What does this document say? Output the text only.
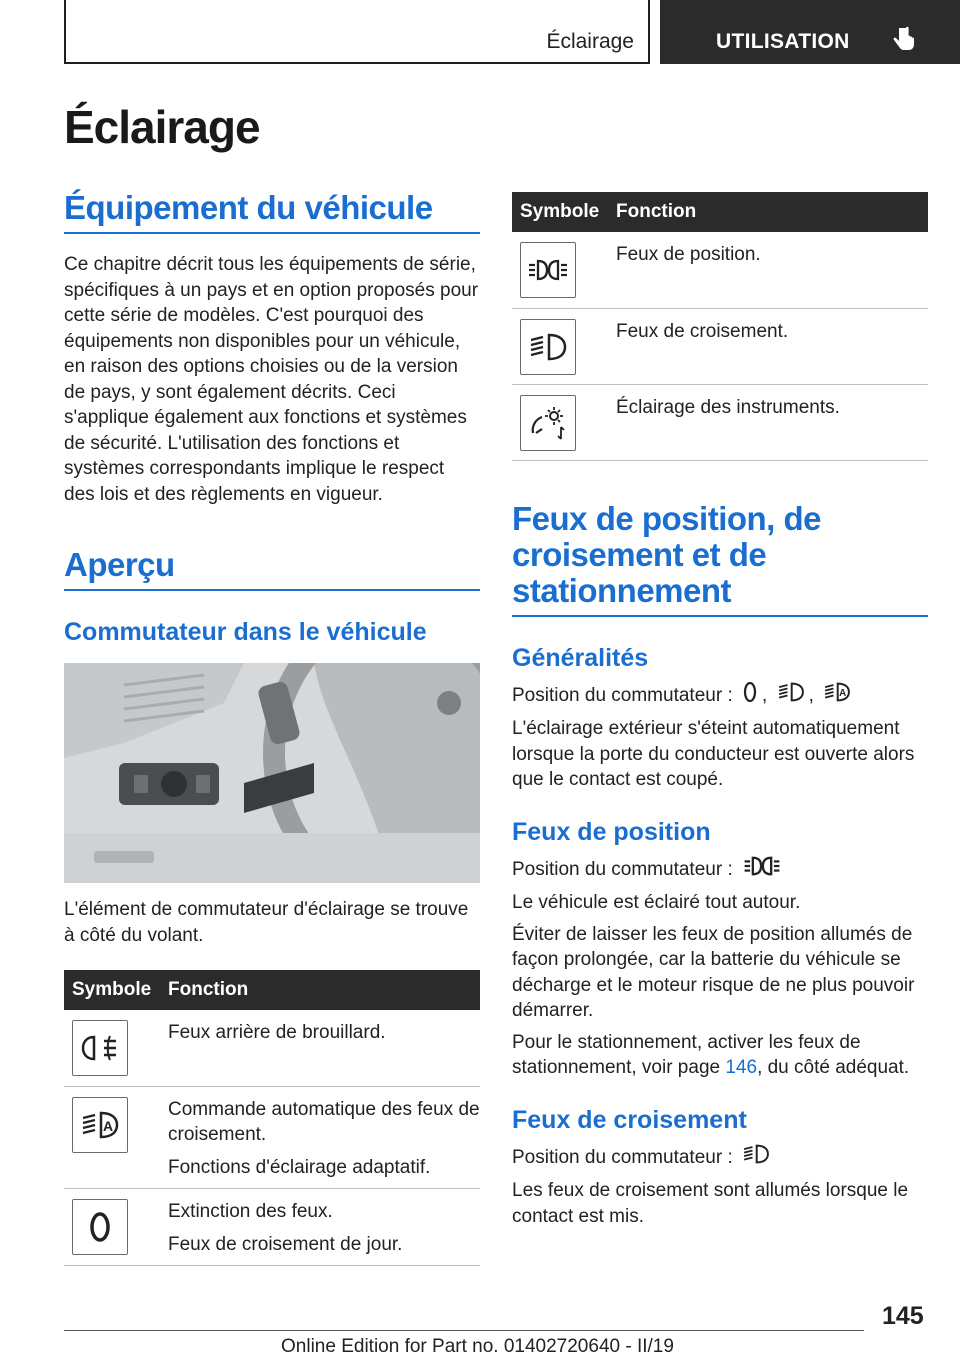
Éclairage	UTILISATION
Éclairage
Équipement du véhicule
Ce chapitre décrit tous les équipements de série, spécifiques à un pays et en option proposés pour cette série de modèles. C'est pourquoi des équipements non disponibles pour un véhicule, en raison des options choisies ou de la version de pays, y sont également décrits. Ceci s'applique également aux fonctions et systèmes de sécurité. L'utilisation des fonctions et systèmes correspondants implique le respect des lois et des règlements en vigueur.
Aperçu
Commutateur dans le véhicule
L'élément de commutateur d'éclairage se trouve à côté du volant.
Symbole	Fonction

Feux arrière de brouillard.

A	Commande automatique des feux de croisement.
Fonctions d'éclairage adaptatif.

Extinction des feux.
Feux de croisement de jour.
Symbole	Fonction

Feux de position.

Feux de croisement.

Éclairage des instruments.
Feux de position, de croisement et de stationnement
Généralités
Position du commutateur : , , A
L'éclairage extérieur s'éteint automatiquement lorsque la porte du conducteur est ouverte alors que le contact est coupé.
Feux de position
Position du commutateur :
Le véhicule est éclairé tout autour.
Éviter de laisser les feux de position allumés de façon prolongée, car la batterie du véhicule se décharge et le moteur risque de ne plus pouvoir démarrer.
Pour le stationnement, activer les feux de stationnement, voir page 146, du côté adéquat.
Feux de croisement
Position du commutateur :
Les feux de croisement sont allumés lorsque le contact est mis.
145
Online Edition for Part no. 01402720640 - II/19
